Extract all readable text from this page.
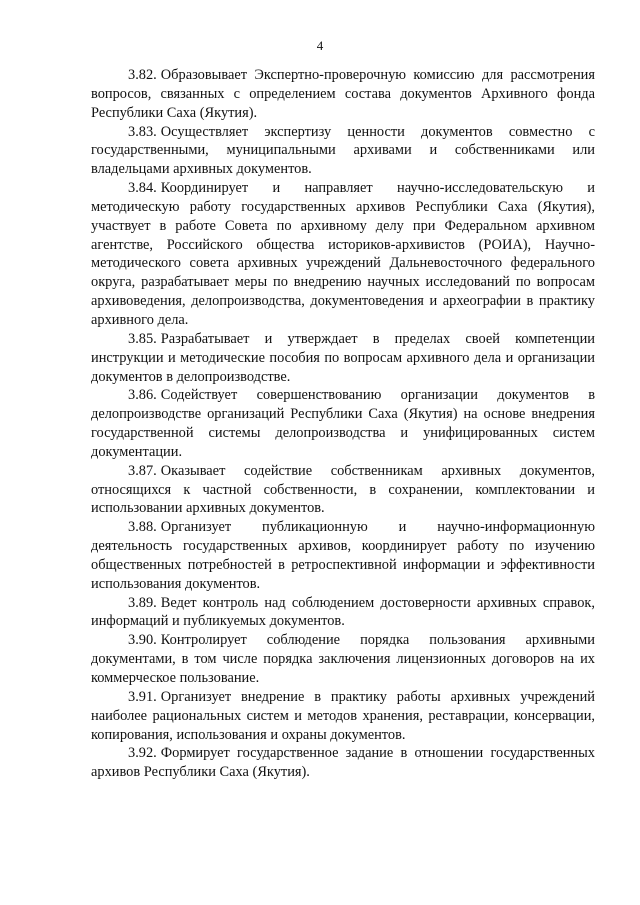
4

3.82. Образовывает Экспертно-проверочную комиссию для рассмотрения вопросов, связанных с определением состава документов Архивного фонда Республики Саха (Якутия).

3.83. Осуществляет экспертизу ценности документов совместно с государственными, муниципальными архивами и собственниками или владельцами архивных документов.

3.84. Координирует и направляет научно-исследовательскую и методическую работу государственных архивов Республики Саха (Якутия), участвует в работе Совета по архивному делу при Федеральном архивном агентстве, Российского общества историков-архивистов (РОИА), Научно-методического совета архивных учреждений Дальневосточного федерального округа, разрабатывает меры по внедрению научных исследований по вопросам архивоведения, делопроизводства, документоведения и археографии в практику архивного дела.

3.85. Разрабатывает и утверждает в пределах своей компетенции инструкции и методические пособия по вопросам архивного дела и организации документов в делопроизводстве.

3.86. Содействует совершенствованию организации документов в делопроизводстве организаций Республики Саха (Якутия) на основе внедрения государственной системы делопроизводства и унифицированных систем документации.

3.87. Оказывает содействие собственникам архивных документов, относящихся к частной собственности, в сохранении, комплектовании и использовании архивных документов.

3.88. Организует публикационную и научно-информационную деятельность государственных архивов, координирует работу по изучению общественных потребностей в ретроспективной информации и эффективности использования документов.

3.89. Ведет контроль над соблюдением достоверности архивных справок, информаций и публикуемых документов.

3.90. Контролирует соблюдение порядка пользования архивными документами, в том числе порядка заключения лицензионных договоров на их коммерческое пользование.

3.91. Организует внедрение в практику работы архивных учреждений наиболее рациональных систем и методов хранения, реставрации, консервации, копирования, использования и охраны документов.

3.92. Формирует государственное задание в отношении государственных архивов Республики Саха (Якутия).
